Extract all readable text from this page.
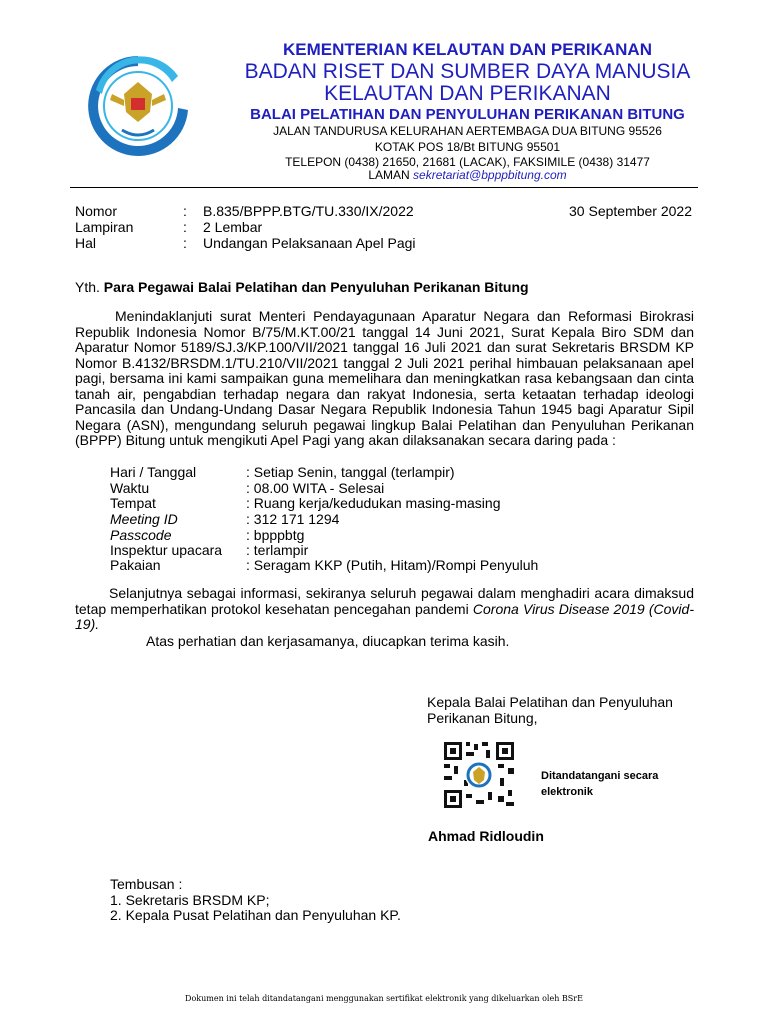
KEMENTERIAN KELAUTAN DAN PERIKANAN
BADAN RISET DAN SUMBER DAYA MANUSIA
KELAUTAN DAN PERIKANAN
BALAI PELATIHAN DAN PENYULUHAN PERIKANAN BITUNG
JALAN TANDURUSA KELURAHAN AERTEMBAGA DUA BITUNG 95526
KOTAK POS 18/Bt BITUNG 95501
TELEPON (0438) 21650, 21681 (LACAK), FAKSIMILE (0438) 31477
LAMAN sekretariat@bpppbitung.com
Nomor	: B.835/BPPP.BTG/TU.330/IX/2022	30 September 2022
Lampiran	: 2 Lembar
Hal	: Undangan Pelaksanaan Apel Pagi
Yth. Para Pegawai Balai Pelatihan dan Penyuluhan Perikanan Bitung
Menindaklanjuti surat Menteri Pendayagunaan Aparatur Negara dan Reformasi Birokrasi Republik Indonesia Nomor B/75/M.KT.00/21 tanggal 14 Juni 2021, Surat Kepala Biro SDM dan Aparatur Nomor 5189/SJ.3/KP.100/VII/2021 tanggal 16 Juli 2021 dan surat Sekretaris BRSDM KP Nomor B.4132/BRSDM.1/TU.210/VII/2021 tanggal 2 Juli 2021 perihal himbauan pelaksanaan apel pagi, bersama ini kami sampaikan guna memelihara dan meningkatkan rasa kebangsaan dan cinta tanah air, pengabdian terhadap negara dan rakyat Indonesia, serta ketaatan terhadap ideologi Pancasila dan Undang-Undang Dasar Negara Republik Indonesia Tahun 1945 bagi Aparatur Sipil Negara (ASN), mengundang seluruh pegawai lingkup Balai Pelatihan dan Penyuluhan Perikanan (BPPP) Bitung untuk mengikuti Apel Pagi yang akan dilaksanakan secara daring pada :
Hari / Tanggal	: Setiap Senin, tanggal (terlampir)
Waktu	: 08.00 WITA - Selesai
Tempat	: Ruang kerja/kedudukan masing-masing
Meeting ID	: 312 171 1294
Passcode	: bpppbtg
Inspektur upacara : terlampir
Pakaian	: Seragam KKP (Putih, Hitam)/Rompi Penyuluh
Selanjutnya sebagai informasi, sekiranya seluruh pegawai dalam menghadiri acara dimaksud tetap memperhatikan protokol kesehatan pencegahan pandemi Corona Virus Disease 2019 (Covid-19).
Atas perhatian dan kerjasamanya, diucapkan terima kasih.
Kepala Balai Pelatihan dan Penyuluhan
Perikanan Bitung,
Ditandatangani secara elektronik
Ahmad Ridloudin
Tembusan :
1. Sekretaris BRSDM KP;
2. Kepala Pusat Pelatihan dan Penyuluhan KP.
Dokumen ini telah ditandatangani menggunakan sertifikat elektronik yang dikeluarkan oleh BSrE
